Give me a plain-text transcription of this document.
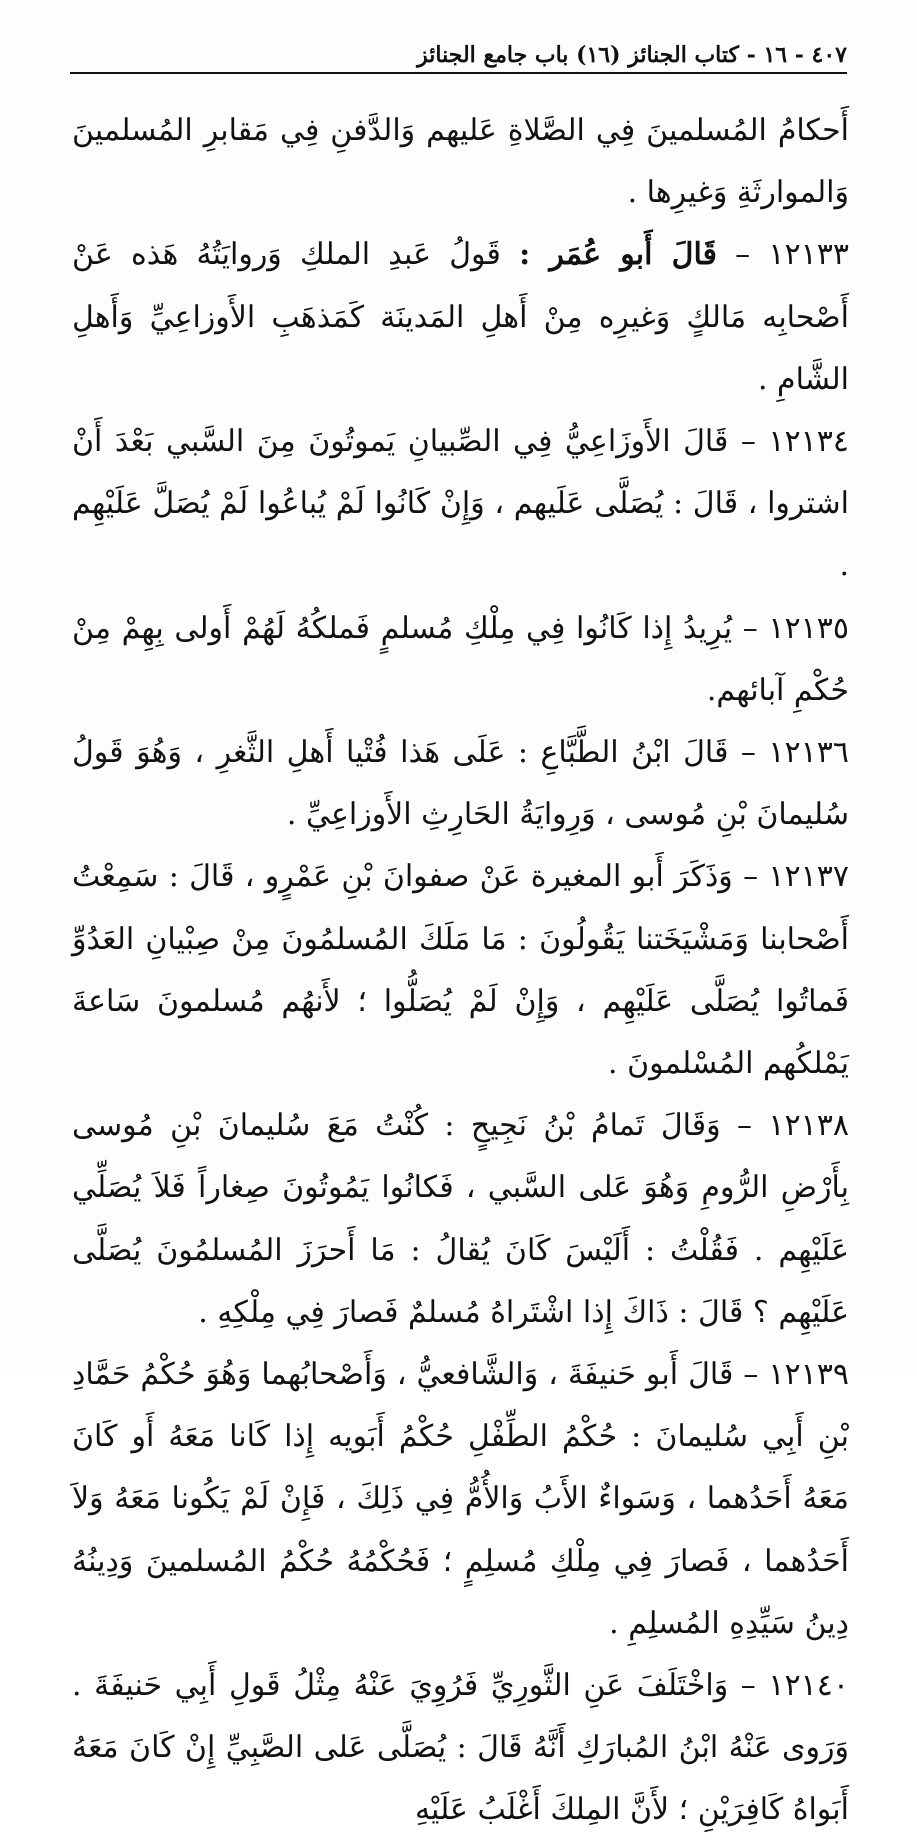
٤٠٧ - ١٦ - كتاب الجنائز (١٦) باب جامع الجنائز

أَحكامُ المُسلمينَ فِي الصَّلاةِ عَليهم وَالدَّفنِ فِي مَقابرِ المُسلمينَ وَالموارثَةِ وَغيرِها .

١٢١٣٣ – قَالَ أَبو عُمَر : قَولُ عَبدِ الملكِ وَروايَتُهُ هَذه عَنْ أَصْحابِه مَالكٍ وَغيرِه مِنْ أَهلِ المَدينَة كَمَذهَبِ الأَوزاعِيِّ وَأَهلِ الشَّامِ .

١٢١٣٤ – قَالَ الأَوزَاعِيُّ فِي الصِّبيانِ يَموتُونَ مِنَ السَّبي بَعْدَ أَنْ اشتروا ، قَالَ : يُصَلَّى عَلَيهم ، وَإِنْ كَانُوا لَمْ يُباعُوا لَمْ يُصَلَّ عَلَيْهِم .

١٢١٣٥ – يُرِيدُ إِذا كَانُوا فِي مِلْكِ مُسلمٍ فَملكُهُ لَهُمْ أَولى بِهِمْ مِنْ حُكْمِ آبائهم.

١٢١٣٦ – قَالَ ابْنُ الطَّبَّاعِ : عَلَى هَذا فُتْيا أَهلِ الثَّغرِ ، وَهُوَ قَولُ سُليمانَ بْنِ مُوسى ، وَرِوايَةُ الحَارِثِ الأَوزاعِيِّ .

١٢١٣٧ – وَذَكَرَ أَبو المغيرة عَنْ صفوانَ بْنِ عَمْرٍو ، قَالَ : سَمِعْتُ أَصْحابنا وَمَشْيَخَتنا يَقُولُونَ : مَا مَلَكَ المُسلمُونَ مِنْ صِبْيانِ العَدُوِّ فَماتُوا يُصَلَّى عَلَيْهِم ، وَإِنْ لَمْ يُصَلُّوا ؛ لأَنهُم مُسلمونَ سَاعةَ يَمْلكُهم المُسْلمونَ .

١٢١٣٨ – وَقَالَ تَمامُ بْنُ نَجِيحٍ : كُنْتُ مَعَ سُليمانَ بْنِ مُوسى بِأَرْضِ الرُّومِ وَهُوَ عَلى السَّبي ، فَكانُوا يَمُوتُونَ صِغاراً فَلاَ يُصَلِّي عَلَيْهِم . فَقُلْتُ : أَلَيْسَ كَانَ يُقالُ : مَا أَحرَزَ المُسلمُونَ يُصَلَّى عَلَيْهِم ؟ قَالَ : ذَاكَ إِذا اشْتَراهُ مُسلمٌ فَصارَ فِي مِلْكِهِ .

١٢١٣٩ – قَالَ أَبو حَنيفَةَ ، وَالشَّافعيُّ ، وَأَصْحابُهما وَهُوَ حُكْمُ حَمَّادِ بْنِ أَبِي سُليمانَ : حُكْمُ الطِّفْلِ حُكْمُ أَبَويه إِذا كَانا مَعَهُ أَو كَانَ مَعَهُ أَحَدُهما ، وَسَواءٌ الأَبُ وَالأُمُّ فِي ذَلِكَ ، فَإِنْ لَمْ يَكُونا مَعَهُ وَلاَ أَحَدُهما ، فَصارَ فِي مِلْكِ مُسلِمٍ ؛ فَحُكْمُهُ حُكْمُ المُسلمينَ وَدِينُهُ دِينُ سَيِّدِهِ المُسلِمِ .

١٢١٤٠ – وَاخْتَلَفَ عَنِ الثَّورِيِّ فَرُوِيَ عَنْهُ مِثْلُ قَولِ أَبِي حَنيفَةَ . وَرَوى عَنْهُ ابْنُ المُبارَكِ أَنَّهُ قَالَ : يُصَلَّى عَلى الصَّبِيِّ إِنْ كَانَ مَعَهُ أَبَواهُ كَافِرَيْنِ ؛ لأَنَّ المِلكَ أَغْلَبُ عَلَيْهِ
